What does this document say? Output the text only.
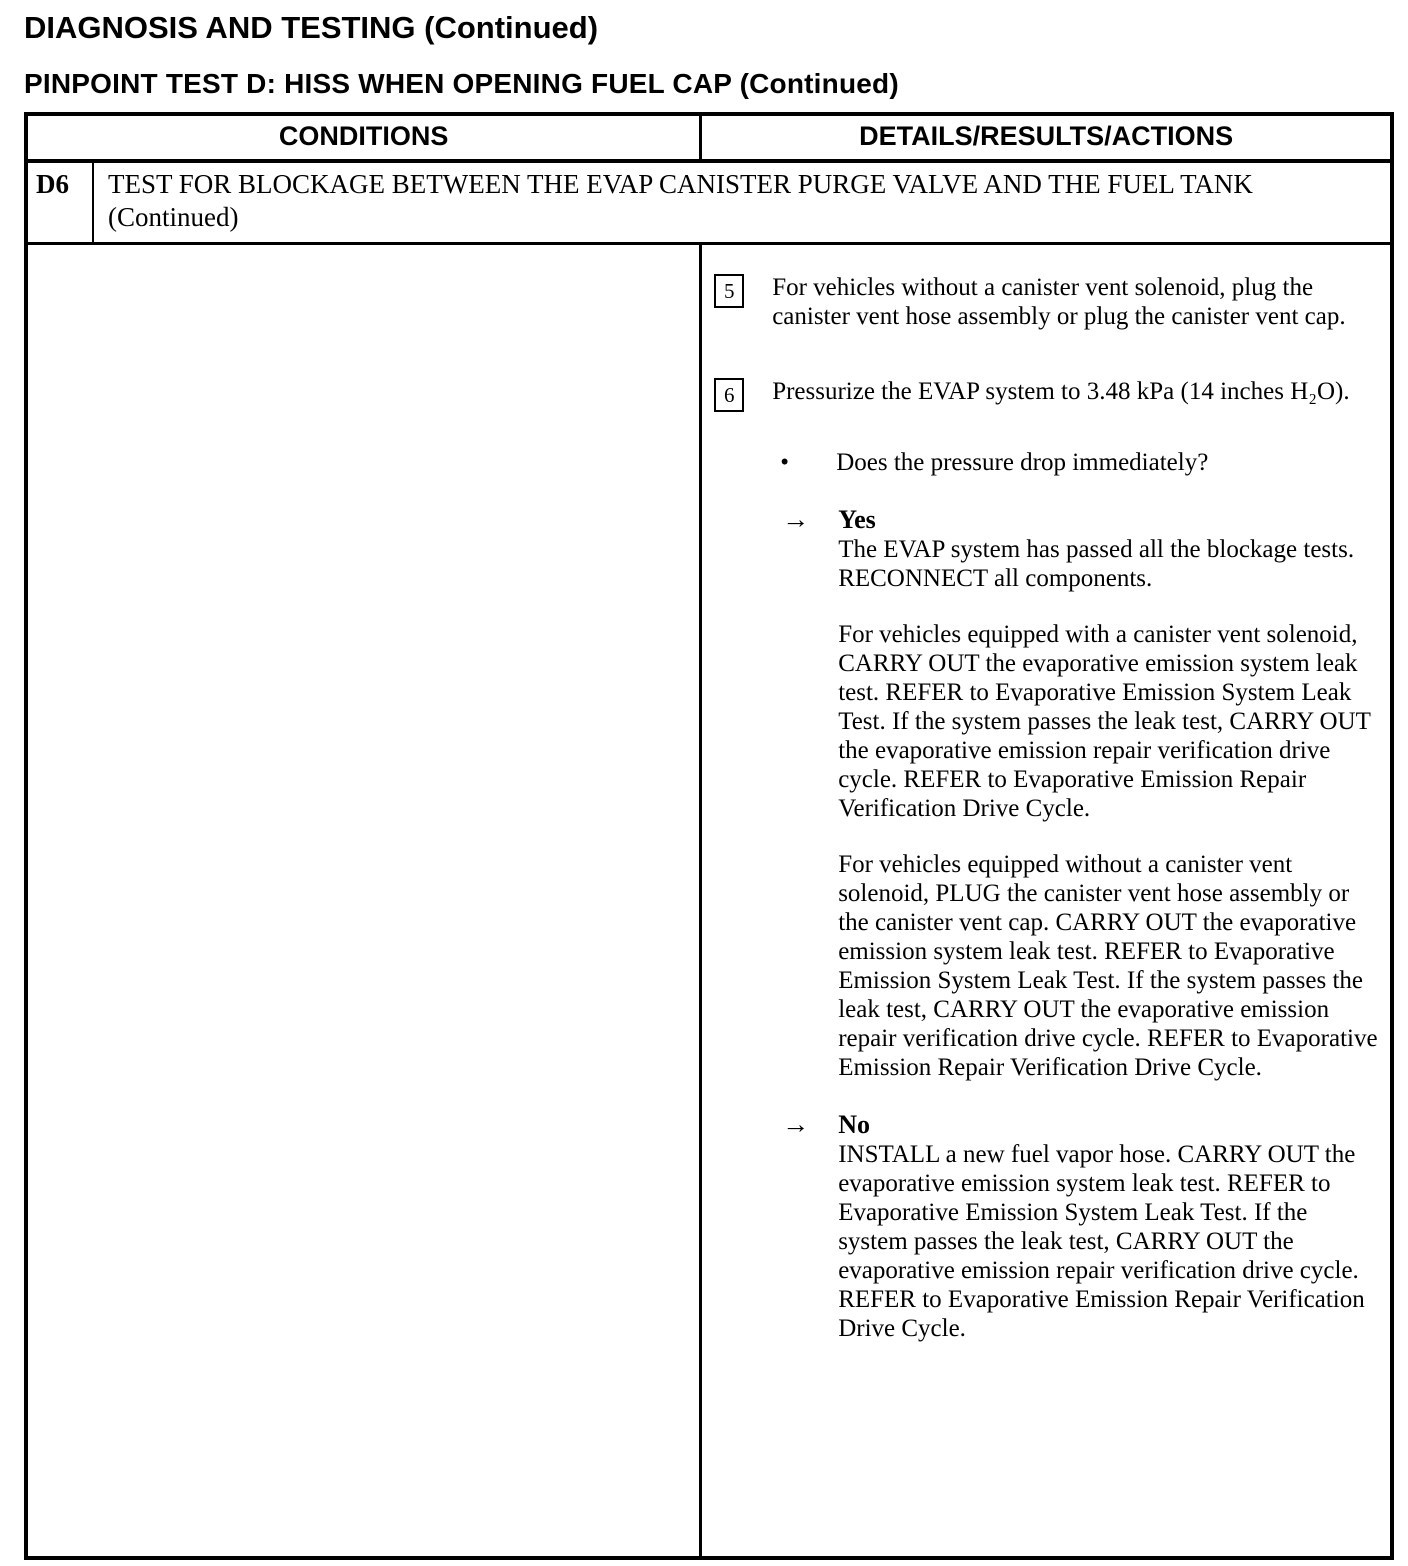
DIAGNOSIS AND TESTING (Continued)
PINPOINT TEST D: HISS WHEN OPENING FUEL CAP (Continued)
CONDITIONS	DETAILS/RESULTS/ACTIONS
D6	TEST FOR BLOCKAGE BETWEEN THE EVAP CANISTER PURGE VALVE AND THE FUEL TANK (Continued)
5	For vehicles without a canister vent solenoid, plug the canister vent hose assembly or plug the canister vent cap.
6	Pressurize the EVAP system to 3.48 kPa (14 inches H₂O).
•	Does the pressure drop immediately?
→	Yes

The EVAP system has passed all the blockage tests. RECONNECT all components.

For vehicles equipped with a canister vent solenoid, CARRY OUT the evaporative emission system leak test. REFER to Evaporative Emission System Leak Test. If the system passes the leak test, CARRY OUT the evaporative emission repair verification drive cycle. REFER to Evaporative Emission Repair Verification Drive Cycle.

For vehicles equipped without a canister vent solenoid, PLUG the canister vent hose assembly or the canister vent cap. CARRY OUT the evaporative emission system leak test. REFER to Evaporative Emission System Leak Test. If the system passes the leak test, CARRY OUT the evaporative emission repair verification drive cycle. REFER to Evaporative Emission Repair Verification Drive Cycle.

→	No

INSTALL a new fuel vapor hose. CARRY OUT the evaporative emission system leak test. REFER to Evaporative Emission System Leak Test. If the system passes the leak test, CARRY OUT the evaporative emission repair verification drive cycle. REFER to Evaporative Emission Repair Verification Drive Cycle.
